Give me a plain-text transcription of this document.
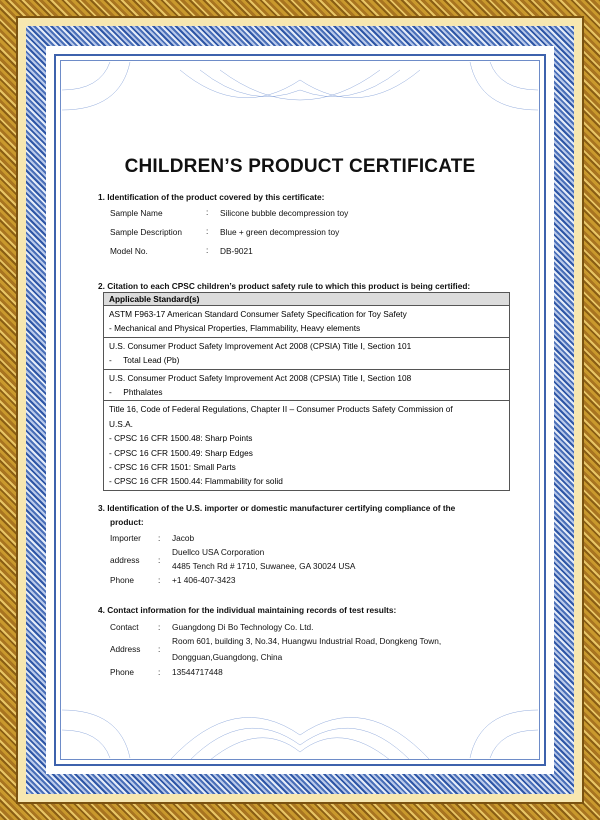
CHILDREN’S PRODUCT CERTIFICATE
1. Identification of the product covered by this certificate:
Sample Name	: Silicone bubble decompression toy
Sample Description	: Blue + green decompression toy
Model No.	: DB-9021
2. Citation to each CPSC children’s product safety rule to which this product is being certified:
Applicable Standard(s)

ASTM F963-17 American Standard Consumer Safety Specification for Toy Safety
- Mechanical and Physical Properties, Flammability, Heavy elements

U.S. Consumer Product Safety Improvement Act 2008 (CPSIA) Title Ⅰ, Section 101
-     Total Lead (Pb)

U.S. Consumer Product Safety Improvement Act 2008 (CPSIA) Title Ⅰ, Section 108
-     Phthalates

Title 16, Code of Federal Regulations, Chapter II – Consumer Products Safety Commission of
U.S.A.
- CPSC 16 CFR 1500.48: Sharp Points
- CPSC 16 CFR 1500.49: Sharp Edges
- CPSC 16 CFR 1501: Small Parts
- CPSC 16 CFR 1500.44: Flammability for solid
3. Identification of the U.S. importer or domestic manufacturer certifying compliance of the
product:
Importer : Jacob
address :
Duellco USA Corporation
4485 Tench Rd # 1710, Suwanee, GA 30024 USA
Phone	: +1 406-407-3423
4. Contact information for the individual maintaining records of test results:
Contact : Guangdong Di Bo Technology Co. Ltd.
Address :
Room 601, building 3, No.34, Huangwu Industrial Road, Dongkeng Town,
Dongguan,Guangdong, China
Phone	: 13544717448
